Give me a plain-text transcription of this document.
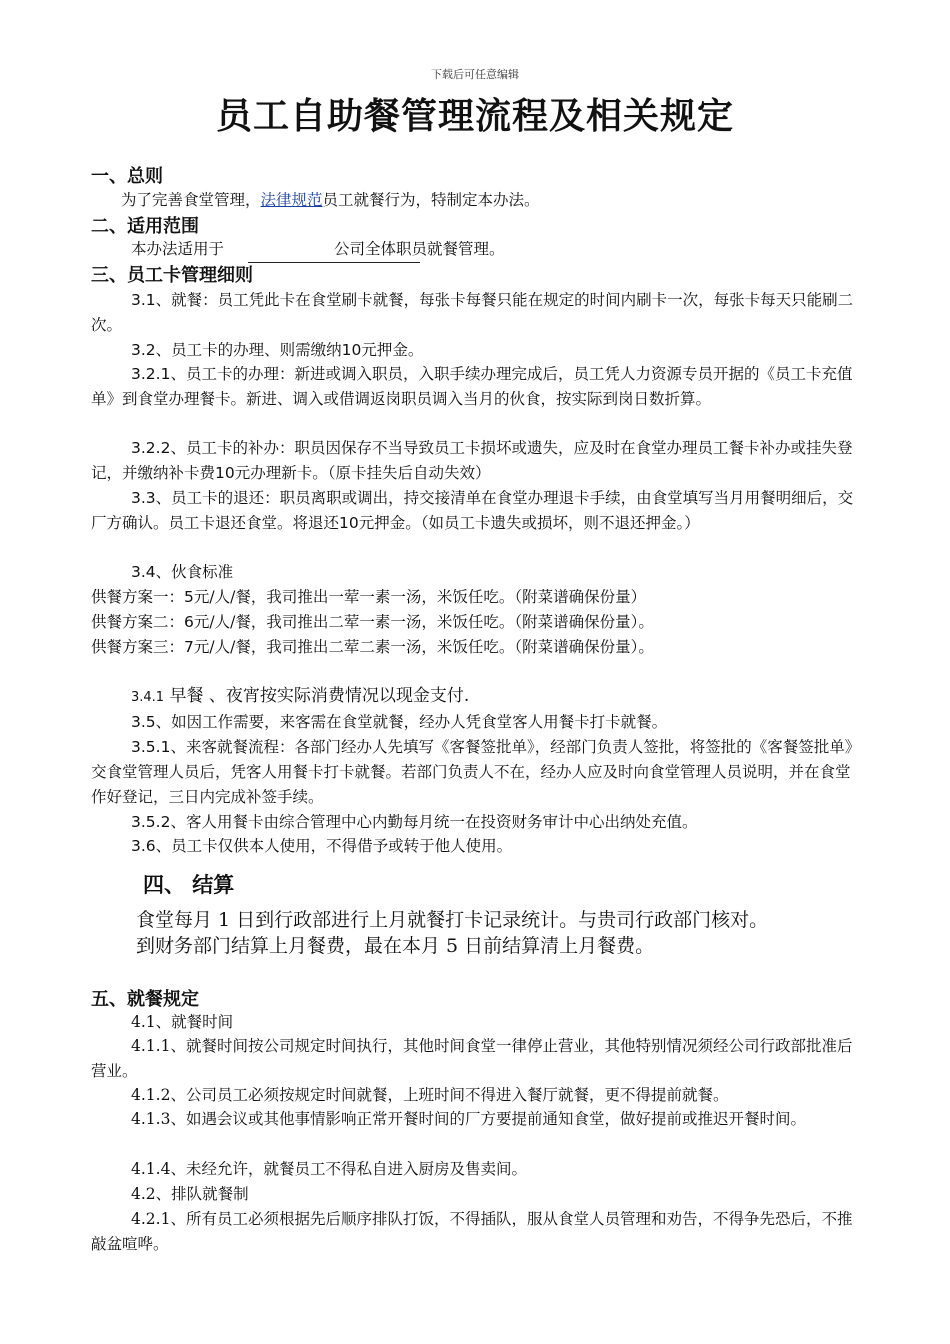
下载后可任意编辑
员工自助餐管理流程及相关规定
一、总则
为了完善食堂管理，法律规范员工就餐行为，特制定本办法。
二、适用范围
本办法适用于	公司全体职员就餐管理。
三、员工卡管理细则
3.1、就餐：员工凭此卡在食堂刷卡就餐，每张卡每餐只能在规定的时间内刷卡一次，每张卡每天只能刷二次。
3.2、员工卡的办理、则需缴纳10元押金。
3.2.1、员工卡的办理：新进或调入职员，入职手续办理完成后，员工凭人力资源专员开据的《员工卡充值单》到食堂办理餐卡。新进、调入或借调返岗职员调入当月的伙食，按实际到岗日数折算。
3.2.2、员工卡的补办：职员因保存不当导致员工卡损坏或遗失，应及时在食堂办理员工餐卡补办或挂失登记，并缴纳补卡费10元办理新卡。（原卡挂失后自动失效）
3.3、员工卡的退还：职员离职或调出，持交接清单在食堂办理退卡手续，由食堂填写当月用餐明细后，交厂方确认。员工卡退还食堂。将退还10元押金。（如员工卡遗失或损坏，则不退还押金。）
3.4、伙食标准
供餐方案一：5元/人/餐，我司推出一荤一素一汤，米饭任吃。（附菜谱确保份量）
供餐方案二：6元/人/餐，我司推出二荤一素一汤，米饭任吃。（附菜谱确保份量）。
供餐方案三：7元/人/餐，我司推出二荤二素一汤，米饭任吃。（附菜谱确保份量）。
3.4.1 早餐 、夜宵按实际消费情况以现金支付.
3.5、如因工作需要，来客需在食堂就餐，经办人凭食堂客人用餐卡打卡就餐。
3.5.1、来客就餐流程：各部门经办人先填写《客餐签批单》，经部门负责人签批，将签批的《客餐签批单》交食堂管理人员后，凭客人用餐卡打卡就餐。若部门负责人不在，经办人应及时向食堂管理人员说明，并在食堂作好登记，三日内完成补签手续。
3.5.2、客人用餐卡由综合管理中心内勤每月统一在投资财务审计中心出纳处充值。
3.6、员工卡仅供本人使用，不得借予或转于他人使用。
四、 结算
食堂每月 1 日到行政部进行上月就餐打卡记录统计。与贵司行政部门核对。
到财务部门结算上月餐费，最在本月 5 日前结算清上月餐费。
五、就餐规定
4.1、就餐时间
4.1.1、就餐时间按公司规定时间执行，其他时间食堂一律停止营业，其他特别情况须经公司行政部批准后营业。
4.1.2、公司员工必须按规定时间就餐，上班时间不得进入餐厅就餐，更不得提前就餐。
4.1.3、如遇会议或其他事情影响正常开餐时间的厂方要提前通知食堂，做好提前或推迟开餐时间。
4.1.4、未经允许，就餐员工不得私自进入厨房及售卖间。
4.2、排队就餐制
4.2.1、所有员工必须根据先后顺序排队打饭，不得插队，服从食堂人员管理和劝告，不得争先恐后，不推敲盆喧哗。
